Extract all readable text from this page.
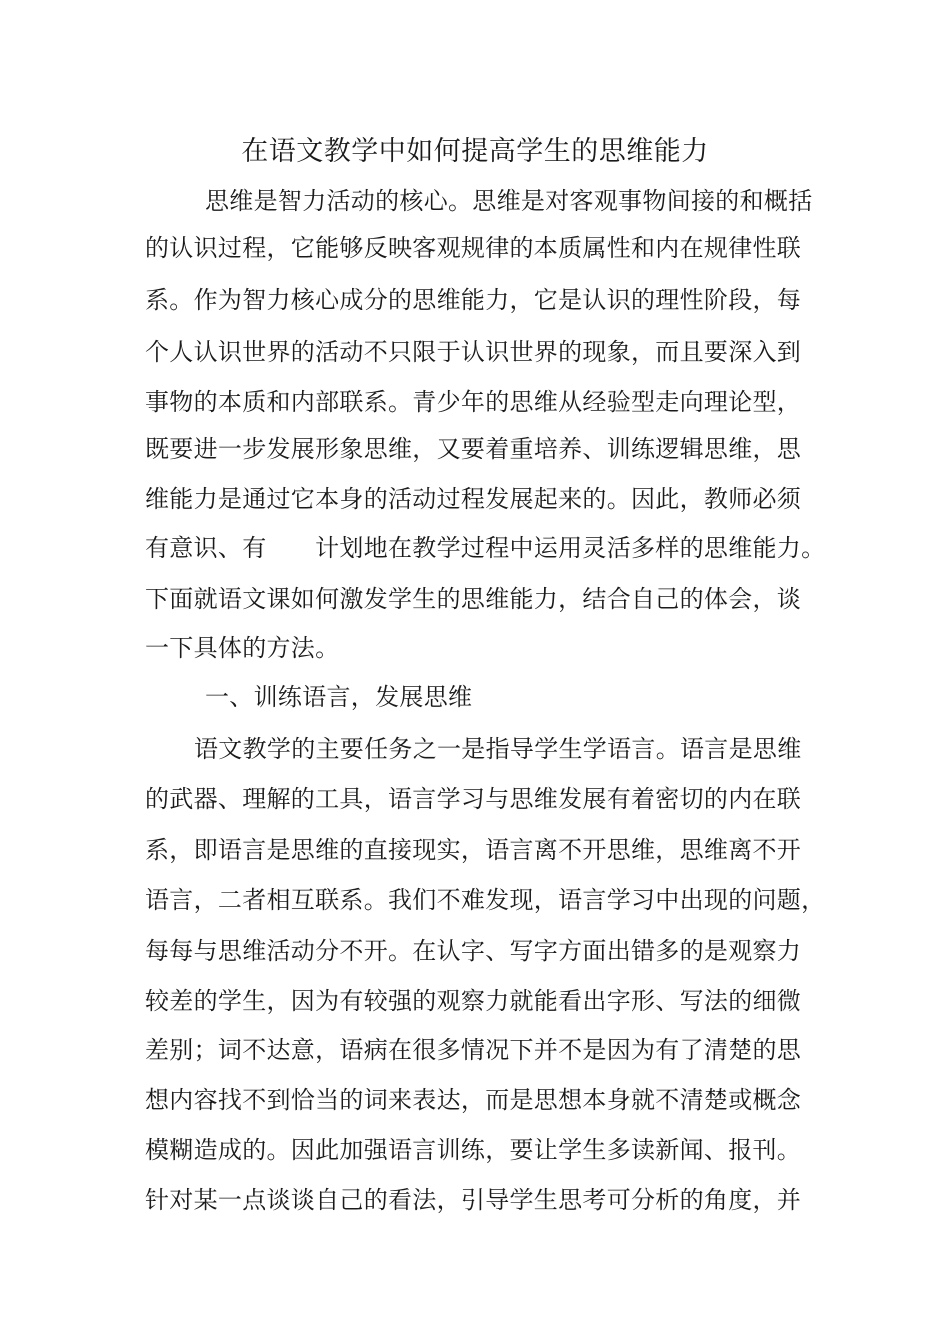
在语文教学中如何提高学生的思维能力
思维是智力活动的核心。思维是对客观事物间接的和概括
的认识过程，它能够反映客观规律的本质属性和内在规律性联
系。作为智力核心成分的思维能力，它是认识的理性阶段，每
个人认识世界的活动不只限于认识世界的现象，而且要深入到
事物的本质和内部联系。青少年的思维从经验型走向理论型，
既要进一步发展形象思维，又要着重培养、训练逻辑思维，思
维能力是通过它本身的活动过程发展起来的。因此，教师必须
有意识、有　　计划地在教学过程中运用灵活多样的思维能力。
下面就语文课如何激发学生的思维能力，结合自己的体会，谈
一下具体的方法。
一、训练语言，发展思维
语文教学的主要任务之一是指导学生学语言。语言是思维
的武器、理解的工具，语言学习与思维发展有着密切的内在联
系，即语言是思维的直接现实，语言离不开思维，思维离不开
语言，二者相互联系。我们不难发现，语言学习中出现的问题，
每每与思维活动分不开。在认字、写字方面出错多的是观察力
较差的学生，因为有较强的观察力就能看出字形、写法的细微
差别；词不达意，语病在很多情况下并不是因为有了清楚的思
想内容找不到恰当的词来表达，而是思想本身就不清楚或概念
模糊造成的。因此加强语言训练，要让学生多读新闻、报刊。
针对某一点谈谈自己的看法，引导学生思考可分析的角度，并
